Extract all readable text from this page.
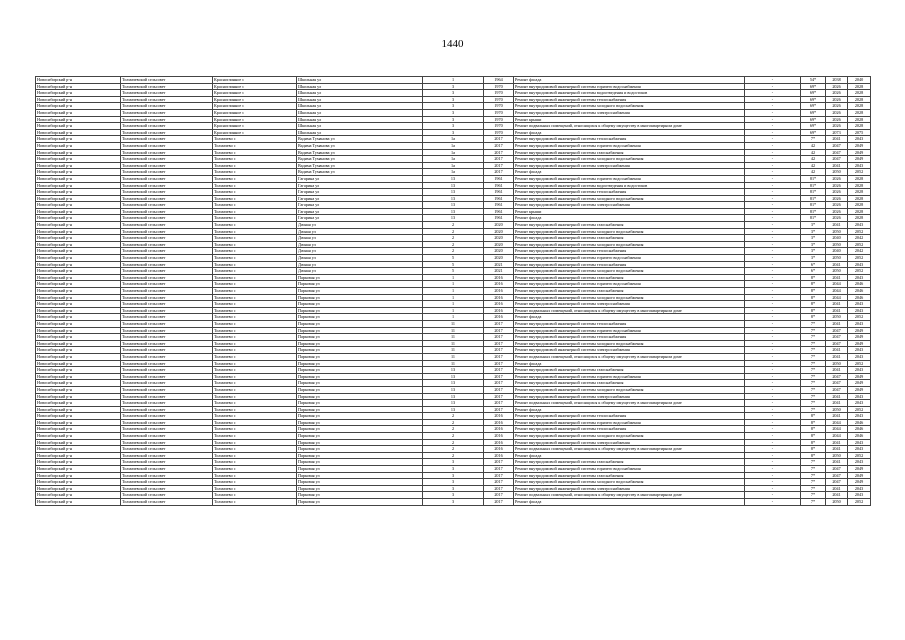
1440
Новосибирский р-н	Толмачевский сельсовет	Красноглинное с	Школьная ул	1	1964	Ремонт фасада	-	54*	2038	2040
Новосибирский р-н	Толмачевский сельсовет	Красноглинное с	Школьная ул	3	1970	Ремонт внутридомовой инженерной системы горячего водоснабжения	-	69*	2026	2028
Новосибирский р-н	Толмачевский сельсовет	Красноглинное с	Школьная ул	3	1970	Ремонт внутридомовой инженерной системы водоотведения и водостоков	-	69*	2026	2028
Новосибирский р-н	Толмачевский сельсовет	Красноглинное с	Школьная ул	3	1970	Ремонт внутридомовой инженерной системы теплоснабжения	-	69*	2026	2028
Новосибирский р-н	Толмачевский сельсовет	Красноглинное с	Школьная ул	3	1970	Ремонт внутридомовой инженерной системы холодного водоснабжения	-	69*	2026	2028
Новосибирский р-н	Толмачевский сельсовет	Красноглинное с	Школьная ул	3	1970	Ремонт внутридомовой инженерной системы электроснабжения	-	69*	2026	2028
Новосибирский р-н	Толмачевский сельсовет	Красноглинное с	Школьная ул	3	1970	Ремонт крыши	-	69*	2026	2028
Новосибирский р-н	Толмачевский сельсовет	Красноглинное с	Школьная ул	3	1970	Ремонт подвальных помещений, относящихся к общему имуществу в многоквартирном доме	-	69*	2026	2028
Новосибирский р-н	Толмачевский сельсовет	Красноглинное с	Школьная ул	3	1970	Ремонт фасада	-	69*	2073	2075
Новосибирский р-н	Толмачевский сельсовет	Толмачево с	Вадима Туманова ул	1а	2017	Ремонт внутридомовой инженерной системы теплоснабжения	-	7*	2041	2043
Новосибирский р-н	Толмачевский сельсовет	Толмачево с	Вадима Туманова ул	1а	2017	Ремонт внутридомовой инженерной системы горячего водоснабжения	-	42	2047	2049
Новосибирский р-н	Толмачевский сельсовет	Толмачево с	Вадима Туманова ул	1а	2017	Ремонт внутридомовой инженерной системы газоснабжения	-	42	2047	2049
Новосибирский р-н	Толмачевский сельсовет	Толмачево с	Вадима Туманова ул	1а	2017	Ремонт внутридомовой инженерной системы холодного водоснабжения	-	42	2047	2049
Новосибирский р-н	Толмачевский сельсовет	Толмачево с	Вадима Туманова ул	1а	2017	Ремонт внутридомовой инженерной системы электроснабжения	-	42	2041	2043
Новосибирский р-н	Толмачевский сельсовет	Толмачево с	Вадима Туманова ул	1а	2017	Ремонт фасада	-	42	2050	2052
Новосибирский р-н	Толмачевский сельсовет	Толмачево с	Гагарина ул	13	1961	Ремонт внутридомовой инженерной системы горячего водоснабжения	-	81*	2026	2028
Новосибирский р-н	Толмачевский сельсовет	Толмачево с	Гагарина ул	13	1961	Ремонт внутридомовой инженерной системы водоотведения и водостоков	-	81*	2026	2028
Новосибирский р-н	Толмачевский сельсовет	Толмачево с	Гагарина ул	13	1961	Ремонт внутридомовой инженерной системы теплоснабжения	-	81*	2026	2028
Новосибирский р-н	Толмачевский сельсовет	Толмачево с	Гагарина ул	13	1961	Ремонт внутридомовой инженерной системы холодного водоснабжения	-	81*	2026	2028
Новосибирский р-н	Толмачевский сельсовет	Толмачево с	Гагарина ул	13	1961	Ремонт внутридомовой инженерной системы электроснабжения	-	81*	2026	2028
Новосибирский р-н	Толмачевский сельсовет	Толмачево с	Гагарина ул	13	1961	Ремонт крыши	-	81*	2026	2028
Новосибирский р-н	Толмачевский сельсовет	Толмачево с	Гагарина ул	13	1961	Ремонт фасада	-	81*	2026	2028
Новосибирский р-н	Толмачевский сельсовет	Толмачево с	Дачная ул	2	2020	Ремонт внутридомовой инженерной системы газоснабжения	-	3*	2041	2043
Новосибирский р-н	Толмачевский сельсовет	Толмачево с	Дачная ул	2	2020	Ремонт внутридомовой инженерной системы холодного водоснабжения	-	3*	2050	2052
Новосибирский р-н	Толмачевский сельсовет	Толмачево с	Дачная ул	2	2020	Ремонт внутридомовой инженерной системы газоснабжения	-	3*	2040	2042
Новосибирский р-н	Толмачевский сельсовет	Толмачево с	Дачная ул	2	2020	Ремонт внутридомовой инженерной системы холодного водоснабжения	-	3*	2050	2052
Новосибирский р-н	Толмачевский сельсовет	Толмачево с	Дачная ул	2	2020	Ремонт внутридомовой инженерной системы теплоснабжения	-	3*	2040	2042
Новосибирский р-н	Толмачевский сельсовет	Толмачево с	Дачная ул	5	2020	Ремонт внутридомовой инженерной системы горячего водоснабжения	-	3*	2050	2052
Новосибирский р-н	Толмачевский сельсовет	Толмачево с	Дачная ул	5	2021	Ремонт внутридомовой инженерной системы теплоснабжения	-	6*	2041	2043
Новосибирский р-н	Толмачевский сельсовет	Толмачево с	Дачная ул	5	2021	Ремонт внутридомовой инженерной системы холодного водоснабжения	-	6*	2050	2052
Новосибирский р-н	Толмачевский сельсовет	Толмачево с	Парковая ул	1	2016	Ремонт внутридомовой инженерной системы газоснабжения	-	8*	2041	2043
Новосибирский р-н	Толмачевский сельсовет	Толмачево с	Парковая ул	1	2016	Ремонт внутридомовой инженерной системы горячего водоснабжения	-	8*	2044	2046
Новосибирский р-н	Толмачевский сельсовет	Толмачево с	Парковая ул	1	2016	Ремонт внутридомовой инженерной системы газоснабжения	-	8*	2044	2046
Новосибирский р-н	Толмачевский сельсовет	Толмачево с	Парковая ул	1	2016	Ремонт внутридомовой инженерной системы холодного водоснабжения	-	8*	2044	2046
Новосибирский р-н	Толмачевский сельсовет	Толмачево с	Парковая ул	1	2016	Ремонт внутридомовой инженерной системы электроснабжения	-	8*	2041	2043
Новосибирский р-н	Толмачевский сельсовет	Толмачево с	Парковая ул	1	2016	Ремонт подвальных помещений, относящихся к общему имуществу в многоквартирном доме	-	8*	2041	2043
Новосибирский р-н	Толмачевский сельсовет	Толмачево с	Парковая ул	1	2016	Ремонт фасада	-	8*	2050	2052
Новосибирский р-н	Толмачевский сельсовет	Толмачево с	Парковая ул	11	2017	Ремонт внутридомовой инженерной системы теплоснабжения	-	7*	2041	2043
Новосибирский р-н	Толмачевский сельсовет	Толмачево с	Парковая ул	11	2017	Ремонт внутридомовой инженерной системы горячего водоснабжения	-	7*	2047	2049
Новосибирский р-н	Толмачевский сельсовет	Толмачево с	Парковая ул	11	2017	Ремонт внутридомовой инженерной системы теплоснабжения	-	7*	2047	2049
Новосибирский р-н	Толмачевский сельсовет	Толмачево с	Парковая ул	11	2017	Ремонт внутридомовой инженерной системы холодного водоснабжения	-	7*	2047	2049
Новосибирский р-н	Толмачевский сельсовет	Толмачево с	Парковая ул	11	2017	Ремонт внутридомовой инженерной системы электроснабжения	-	7*	2041	2043
Новосибирский р-н	Толмачевский сельсовет	Толмачево с	Парковая ул	11	2017	Ремонт подвальных помещений, относящихся к общему имуществу в многоквартирном доме	-	7*	2041	2043
Новосибирский р-н	Толмачевский сельсовет	Толмачево с	Парковая ул	11	2017	Ремонт фасада	-	7*	2050	2052
Новосибирский р-н	Толмачевский сельсовет	Толмачево с	Парковая ул	13	2017	Ремонт внутридомовой инженерной системы газоснабжения	-	7*	2041	2043
Новосибирский р-н	Толмачевский сельсовет	Толмачево с	Парковая ул	13	2017	Ремонт внутридомовой инженерной системы горячего водоснабжения	-	7*	2047	2049
Новосибирский р-н	Толмачевский сельсовет	Толмачево с	Парковая ул	13	2017	Ремонт внутридомовой инженерной системы газоснабжения	-	7*	2047	2049
Новосибирский р-н	Толмачевский сельсовет	Толмачево с	Парковая ул	13	2017	Ремонт внутридомовой инженерной системы холодного водоснабжения	-	7*	2047	2049
Новосибирский р-н	Толмачевский сельсовет	Толмачево с	Парковая ул	13	2017	Ремонт внутридомовой инженерной системы электроснабжения	-	7*	2041	2043
Новосибирский р-н	Толмачевский сельсовет	Толмачево с	Парковая ул	13	2017	Ремонт подвальных помещений, относящихся к общему имуществу в многоквартирном доме	-	7*	2041	2043
Новосибирский р-н	Толмачевский сельсовет	Толмачево с	Парковая ул	13	2017	Ремонт фасада	-	7*	2050	2052
Новосибирский р-н	Толмачевский сельсовет	Толмачево с	Парковая ул	2	2016	Ремонт внутридомовой инженерной системы теплоснабжения	-	8*	2041	2043
Новосибирский р-н	Толмачевский сельсовет	Толмачево с	Парковая ул	2	2016	Ремонт внутридомовой инженерной системы горячего водоснабжения	-	8*	2044	2046
Новосибирский р-н	Толмачевский сельсовет	Толмачево с	Парковая ул	2	2016	Ремонт внутридомовой инженерной системы теплоснабжения	-	8*	2044	2046
Новосибирский р-н	Толмачевский сельсовет	Толмачево с	Парковая ул	2	2016	Ремонт внутридомовой инженерной системы холодного водоснабжения	-	8*	2044	2046
Новосибирский р-н	Толмачевский сельсовет	Толмачево с	Парковая ул	2	2016	Ремонт внутридомовой инженерной системы электроснабжения	-	8*	2041	2043
Новосибирский р-н	Толмачевский сельсовет	Толмачево с	Парковая ул	2	2016	Ремонт подвальных помещений, относящихся к общему имуществу в многоквартирном доме	-	8*	2041	2043
Новосибирский р-н	Толмачевский сельсовет	Толмачево с	Парковая ул	2	2016	Ремонт фасада	-	8*	2050	2052
Новосибирский р-н	Толмачевский сельсовет	Толмачево с	Парковая ул	3	2017	Ремонт внутридомовой инженерной системы газоснабжения	-	7*	2041	2043
Новосибирский р-н	Толмачевский сельсовет	Толмачево с	Парковая ул	3	2017	Ремонт внутридомовой инженерной системы горячего водоснабжения	-	7*	2047	2049
Новосибирский р-н	Толмачевский сельсовет	Толмачево с	Парковая ул	3	2017	Ремонт внутридомовой инженерной системы газоснабжения	-	7*	2047	2049
Новосибирский р-н	Толмачевский сельсовет	Толмачево с	Парковая ул	3	2017	Ремонт внутридомовой инженерной системы холодного водоснабжения	-	7*	2047	2049
Новосибирский р-н	Толмачевский сельсовет	Толмачево с	Парковая ул	3	2017	Ремонт внутридомовой инженерной системы электроснабжения	-	7*	2041	2043
Новосибирский р-н	Толмачевский сельсовет	Толмачево с	Парковая ул	3	2017	Ремонт подвальных помещений, относящихся к общему имуществу в многоквартирном доме	-	7*	2041	2043
Новосибирский р-н	Толмачевский сельсовет	Толмачево с	Парковая ул	3	2017	Ремонт фасада	-	7*	2050	2052
